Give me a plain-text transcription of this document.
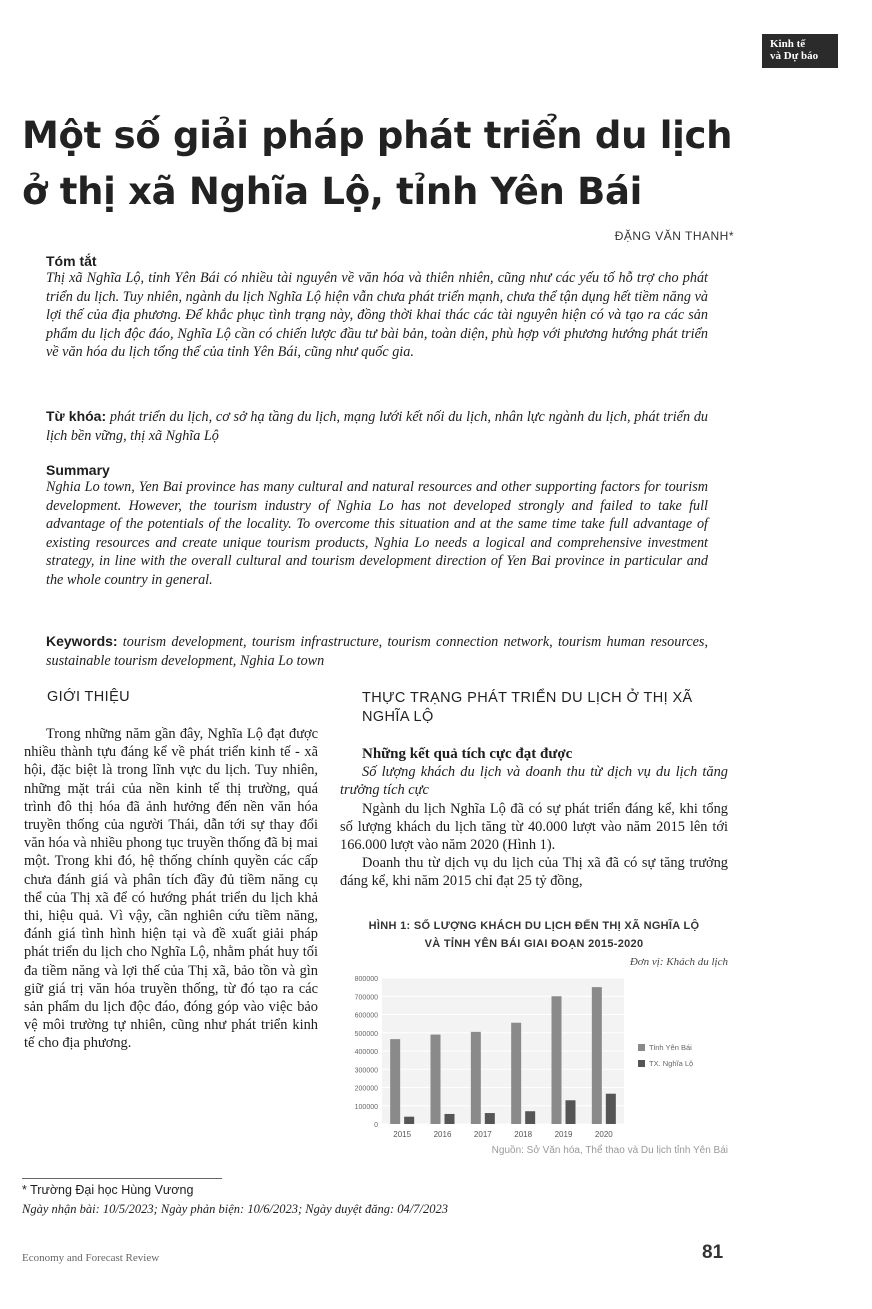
Kinh tế
và Dự báo
Một số giải pháp phát triển du lịch
ở thị xã Nghĩa Lộ, tỉnh Yên Bái
ĐẶNG VĂN THANH*
Tóm tắt
Thị xã Nghĩa Lộ, tỉnh Yên Bái có nhiều tài nguyên về văn hóa và thiên nhiên, cũng như các yếu tố hỗ trợ cho phát triển du lịch. Tuy nhiên, ngành du lịch Nghĩa Lộ hiện vẫn chưa phát triển mạnh, chưa thể tận dụng hết tiềm năng và lợi thế của địa phương. Để khắc phục tình trạng này, đồng thời khai thác các tài nguyên hiện có và tạo ra các sản phẩm du lịch độc đáo, Nghĩa Lộ cần có chiến lược đầu tư bài bản, toàn diện, phù hợp với phương hướng phát triển về văn hóa du lịch tổng thể của tỉnh Yên Bái, cũng như quốc gia.
Từ khóa: phát triển du lịch, cơ sở hạ tầng du lịch, mạng lưới kết nối du lịch, nhân lực ngành du lịch, phát triển du lịch bền vững, thị xã Nghĩa Lộ
Summary
Nghia Lo town, Yen Bai province has many cultural and natural resources and other supporting factors for tourism development. However, the tourism industry of Nghia Lo has not developed strongly and failed to take full advantage of the potentials of the locality. To overcome this situation and at the same time take full advantage of existing resources and create unique tourism products, Nghia Lo needs a logical and comprehensive investment strategy, in line with the overall cultural and tourism development direction of Yen Bai province in particular and the whole country in general.
Keywords: tourism development, tourism infrastructure, tourism connection network, tourism human resources, sustainable tourism development, Nghia Lo town
GIỚI THIỆU

Trong những năm gần đây, Nghĩa Lộ đạt được nhiều thành tựu đáng kể về phát triển kinh tế - xã hội, đặc biệt là trong lĩnh vực du lịch. Tuy nhiên, những mặt trái của nền kinh tế thị trường, quá trình đô thị hóa đã ảnh hưởng đến nền văn hóa truyền thống của người Thái, dẫn tới sự thay đổi văn hóa và nhiều phong tục truyền thống đã bị mai một. Trong khi đó, hệ thống chính quyền các cấp chưa đánh giá và phân tích đầy đủ tiềm năng cụ thể của Thị xã để có hướng phát triển du lịch khả thi, hiệu quả. Vì vậy, cần nghiên cứu tiềm năng, đánh giá tình hình hiện tại và đề xuất giải pháp phát triển du lịch cho Nghĩa Lộ, nhằm phát huy tối đa tiềm năng và lợi thế của Thị xã, bảo tồn và gìn giữ giá trị văn hóa truyền thống, từ đó tạo ra các sản phẩm du lịch độc đáo, đóng góp vào việc bảo vệ môi trường tự nhiên, cũng như phát triển kinh tế cho địa phương.

THỰC TRẠNG PHÁT TRIỂN DU LỊCH Ở THỊ XÃ
NGHĨA LỘ
Những kết quả tích cực đạt được

Số lượng khách du lịch và doanh thu từ dịch vụ du lịch tăng trưởng tích cực

Ngành du lịch Nghĩa Lộ đã có sự phát triển đáng kể, khi tổng số lượng khách du lịch tăng từ 40.000 lượt vào năm 2015 lên tới 166.000 lượt vào năm 2020 (Hình 1).

Doanh thu từ dịch vụ du lịch của Thị xã đã có sự tăng trưởng đáng kể, khi năm 2015 chỉ đạt 25 tỷ đồng,

HÌNH 1: SỐ LƯỢNG KHÁCH DU LỊCH ĐẾN THỊ XÃ NGHĨA LỘ
VÀ TỈNH YÊN BÁI GIAI ĐOẠN 2015-2020
Đơn vị: Khách du lịch
0
100000
200000
300000
400000
500000
600000
700000
800000
2015	2016	2017	2018	2019	2020
Tỉnh Yên Bái
TX. Nghĩa Lộ
Nguồn: Sở Văn hóa, Thể thao và Du lịch tỉnh Yên Bái
* Trường Đại học Hùng Vương
Ngày nhận bài: 10/5/2023; Ngày phản biện: 10/6/2023; Ngày duyệt đăng: 04/7/2023
Economy and Forecast Review	81
